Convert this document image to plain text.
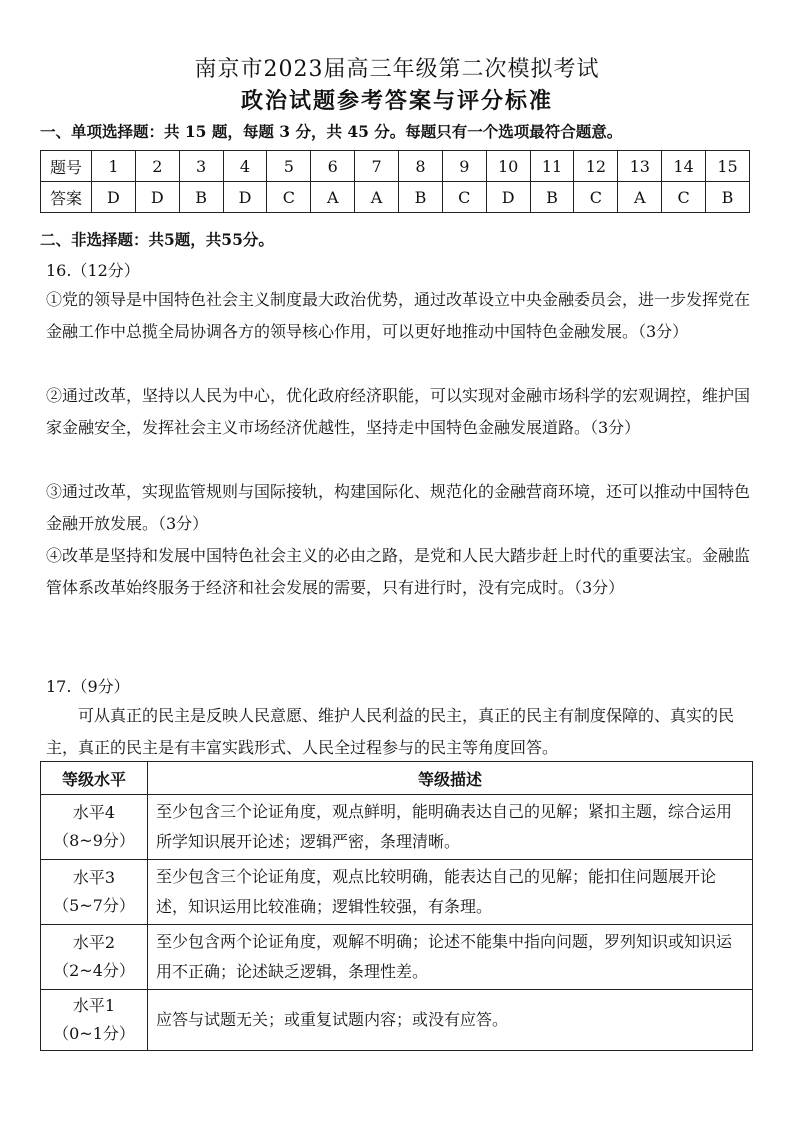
南京市2023届高三年级第二次模拟考试
政治试题参考答案与评分标准
一、单项选择题：共 15 题，每题 3 分，共 45 分。每题只有一个选项最符合题意。
题号	1	2	3	4	5	6	7	8	9	10	11	12	13	14	15
答案	D	D	B	D	C	A	A	B	C	D	B	C	A	C	B
二、非选择题：共5题，共55分。
16.（12分）
①党的领导是中国特色社会主义制度最大政治优势，通过改革设立中央金融委员会，进一步发挥党在金融工作中总揽全局协调各方的领导核心作用，可以更好地推动中国特色金融发展。（3分）
②通过改革，坚持以人民为中心，优化政府经济职能，可以实现对金融市场科学的宏观调控，维护国家金融安全，发挥社会主义市场经济优越性，坚持走中国特色金融发展道路。（3分）
③通过改革，实现监管规则与国际接轨，构建国际化、规范化的金融营商环境，还可以推动中国特色金融开放发展。（3分）
④改革是坚持和发展中国特色社会主义的必由之路，是党和人民大踏步赶上时代的重要法宝。金融监管体系改革始终服务于经济和社会发展的需要，只有进行时，没有完成时。（3分）
17.（9分）
可从真正的民主是反映人民意愿、维护人民利益的民主，真正的民主有制度保障的、真实的民主，真正的民主是有丰富实践形式、人民全过程参与的民主等角度回答。
等级水平	等级描述

水平4
（8~9分）	至少包含三个论证角度，观点鲜明，能明确表达自己的见解；紧扣主题，综合运用所学知识展开论述；逻辑严密，条理清晰。

水平3
（5~7分）	至少包含三个论证角度，观点比较明确，能表达自己的见解；能扣住问题展开论述，知识运用比较准确；逻辑性较强，有条理。

水平2
（2~4分）	至少包含两个论证角度，观解不明确；论述不能集中指向问题，罗列知识或知识运用不正确；论述缺乏逻辑，条理性差。

水平1
（0~1分）	应答与试题无关；或重复试题内容；或没有应答。
